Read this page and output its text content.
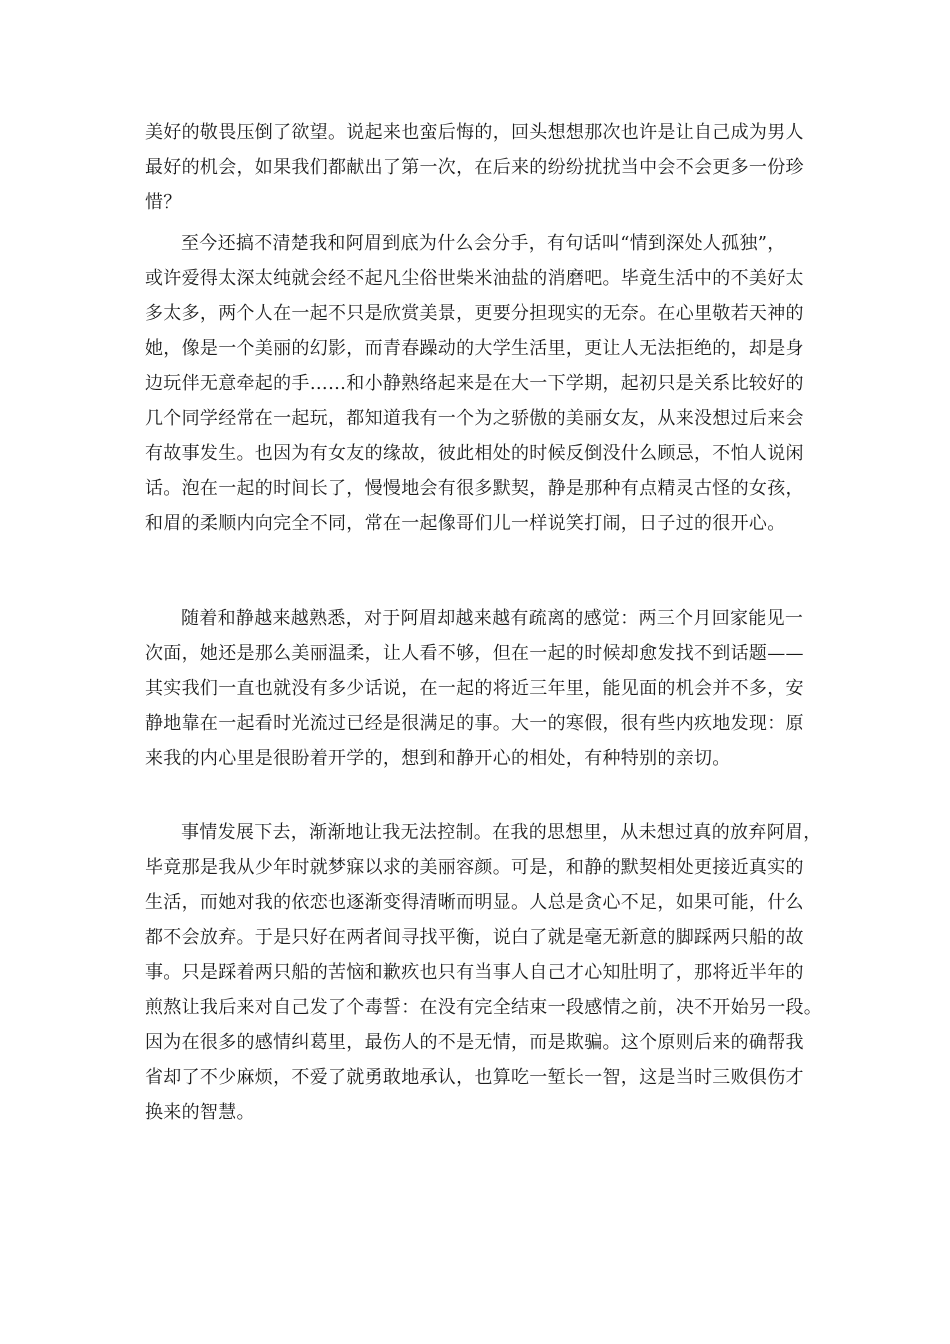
美好的敬畏压倒了欲望。说起来也蛮后悔的，回头想想那次也许是让自己成为男人
最好的机会，如果我们都献出了第一次，在后来的纷纷扰扰当中会不会更多一份珍
惜？
至今还搞不清楚我和阿眉到底为什么会分手，有句话叫“情到深处人孤独”，
或许爱得太深太纯就会经不起凡尘俗世柴米油盐的消磨吧。毕竟生活中的不美好太
多太多，两个人在一起不只是欣赏美景，更要分担现实的无奈。在心里敬若天神的
她，像是一个美丽的幻影，而青春躁动的大学生活里，更让人无法拒绝的，却是身
边玩伴无意牵起的手……和小静熟络起来是在大一下学期，起初只是关系比较好的
几个同学经常在一起玩，都知道我有一个为之骄傲的美丽女友，从来没想过后来会
有故事发生。也因为有女友的缘故，彼此相处的时候反倒没什么顾忌，不怕人说闲
话。泡在一起的时间长了，慢慢地会有很多默契，静是那种有点精灵古怪的女孩，
和眉的柔顺内向完全不同，常在一起像哥们儿一样说笑打闹，日子过的很开心。
随着和静越来越熟悉，对于阿眉却越来越有疏离的感觉：两三个月回家能见一
次面，她还是那么美丽温柔，让人看不够，但在一起的时候却愈发找不到话题——
其实我们一直也就没有多少话说，在一起的将近三年里，能见面的机会并不多，安
静地靠在一起看时光流过已经是很满足的事。大一的寒假，很有些内疚地发现：原
来我的内心里是很盼着开学的，想到和静开心的相处，有种特别的亲切。
事情发展下去，渐渐地让我无法控制。在我的思想里，从未想过真的放弃阿眉，
毕竟那是我从少年时就梦寐以求的美丽容颜。可是，和静的默契相处更接近真实的
生活，而她对我的依恋也逐渐变得清晰而明显。人总是贪心不足，如果可能，什么
都不会放弃。于是只好在两者间寻找平衡，说白了就是毫无新意的脚踩两只船的故
事。只是踩着两只船的苦恼和歉疚也只有当事人自己才心知肚明了，那将近半年的
煎熬让我后来对自己发了个毒誓：在没有完全结束一段感情之前，决不开始另一段。
因为在很多的感情纠葛里，最伤人的不是无情，而是欺骗。这个原则后来的确帮我
省却了不少麻烦，不爱了就勇敢地承认，也算吃一堑长一智，这是当时三败俱伤才
换来的智慧。
